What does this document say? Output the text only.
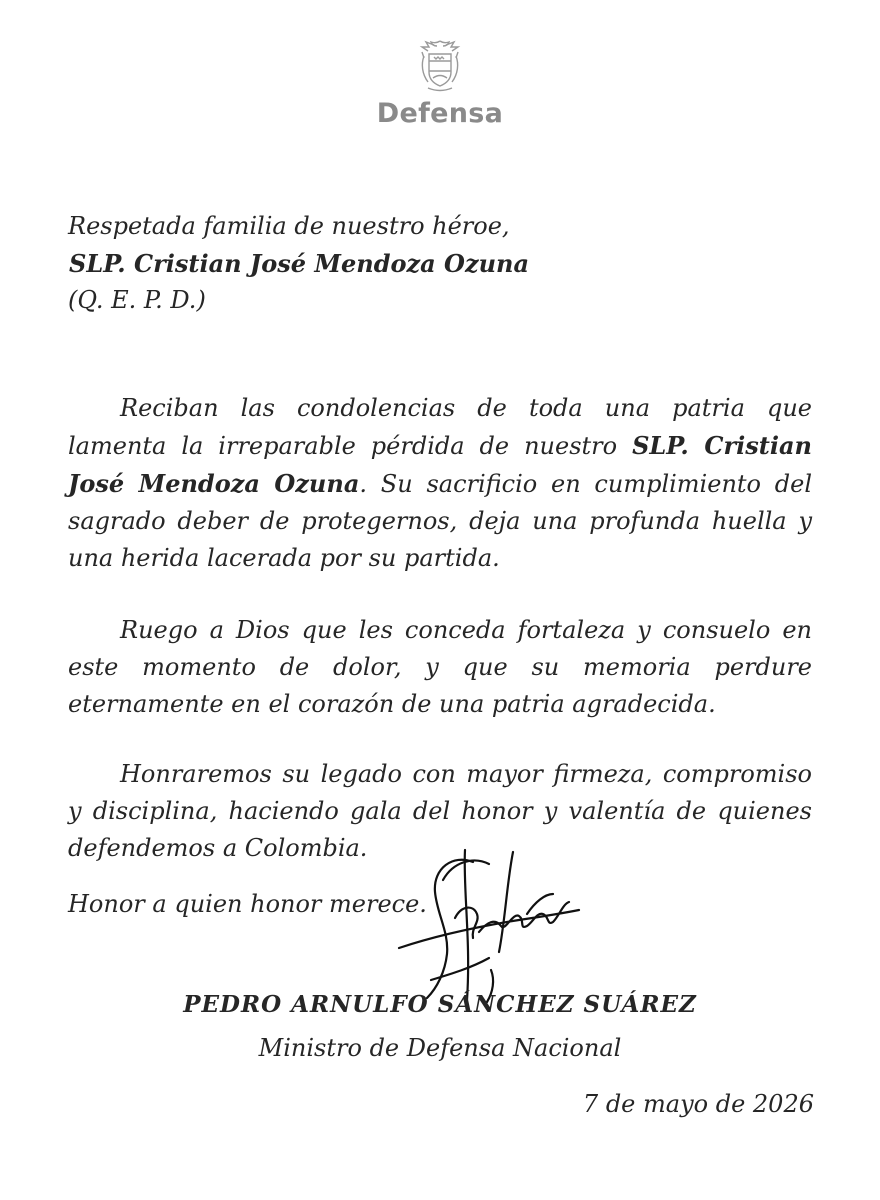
Defensa
Respetada familia de nuestro héroe,
SLP. Cristian José Mendoza Ozuna
(Q. E. P. D.)

Reciban las condolencias de toda una patria que lamenta la irreparable pérdida de nuestro SLP. Cristian José Mendoza Ozuna. Su sacrificio en cumplimiento del sagrado deber de protegernos, deja una profunda huella y una herida lacerada por su partida.

Ruego a Dios que les conceda fortaleza y consuelo en este momento de dolor, y que su memoria perdure eternamente en el corazón de una patria agradecida.

Honraremos su legado con mayor firmeza, compromiso y disciplina, haciendo gala del honor y valentía de quienes defendemos a Colombia.

Honor a quien honor merece.
PEDRO ARNULFO SÁNCHEZ SUÁREZ
Ministro de Defensa Nacional
7 de mayo de 2026
